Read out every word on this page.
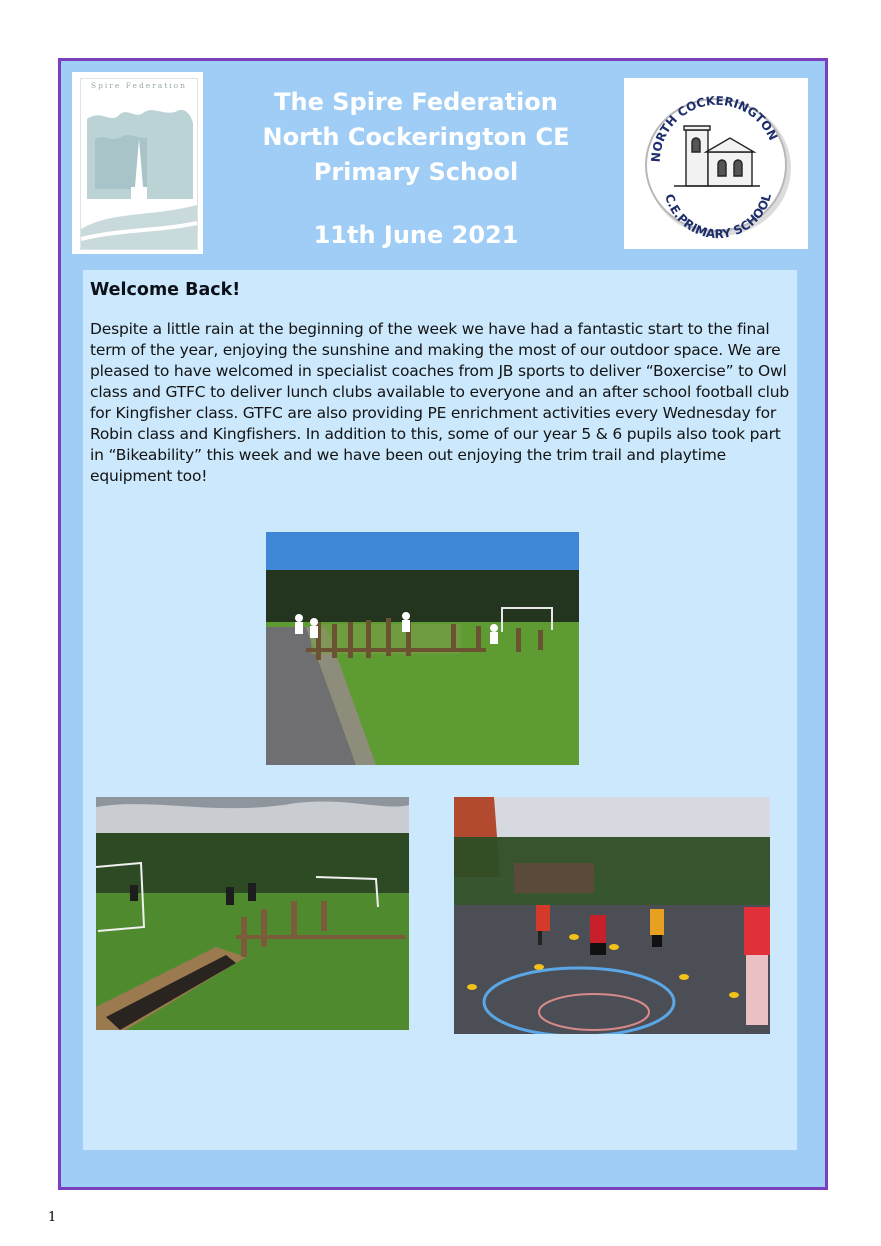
Spire Federation
The Spire Federation
North Cockerington CE
Primary School
11th June 2021
NORTH COCKERINGTON
C.E.PRIMARY SCHOOL
Welcome Back!
Despite a little rain at the beginning of the week we have had a fantastic start to the final term of the year, enjoying the sunshine and making the most of our outdoor space. We are pleased to have welcomed in specialist coaches from JB sports to deliver “Boxercise” to Owl class and GTFC to deliver lunch clubs available to everyone and an after school football club for Kingfisher class. GTFC are also providing PE enrichment activities every Wednesday for Robin class and Kingfishers. In addition to this, some of our year 5 & 6 pupils also took part in “Bikeability” this week and we have been out enjoying the trim trail and playtime equipment too!
1
